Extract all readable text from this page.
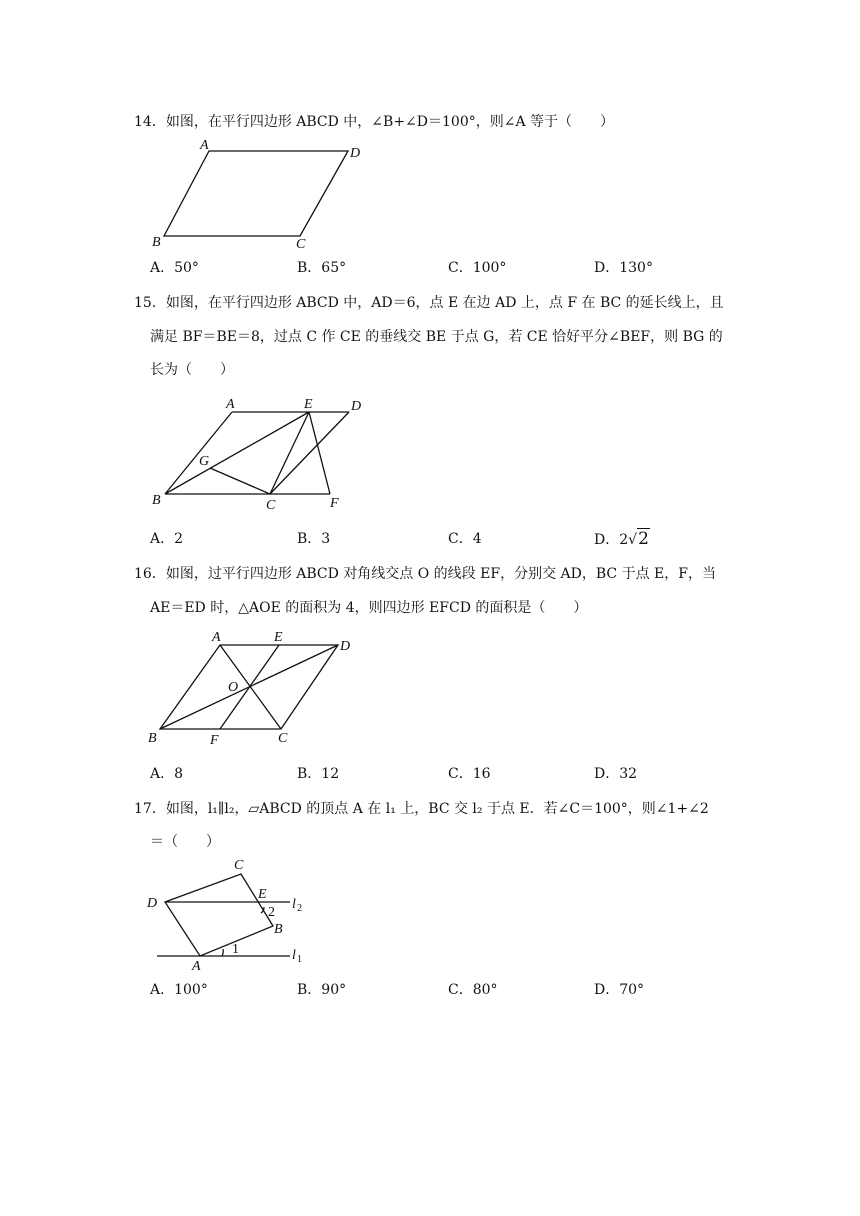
14．如图，在平行四边形 ABCD 中，∠B+∠D＝100°，则∠A 等于（　　）
A
D
B	C
A．50°	B．65°	C．100°	D．130°
15．如图，在平行四边形 ABCD 中，AD＝6，点 E 在边 AD 上，点 F 在 BC 的延长线上，且
满足 BF＝BE＝8，过点 C 作 CE 的垂线交 BE 于点 G，若 CE 恰好平分∠BEF，则 BG 的
长为（　　）
A	E	D
G
B	C	F
A．2	B．3	C．4	D．2√2
16．如图，过平行四边形 ABCD 对角线交点 O 的线段 EF，分别交 AD，BC 于点 E，F，当
AE＝ED 时，△AOE 的面积为 4，则四边形 EFCD 的面积是（　　）
A	E
D
O
B	F	C
A．8	B．12	C．16	D．32
17．如图，l₁∥l₂，▱ABCD 的顶点 A 在 l₁ 上，BC 交 l₂ 于点 E．若∠C＝100°，则∠1+∠2
＝（　　）
C
D
E
B
A
1
2
l 2
l 1
A．100°	B．90°	C．80°	D．70°
